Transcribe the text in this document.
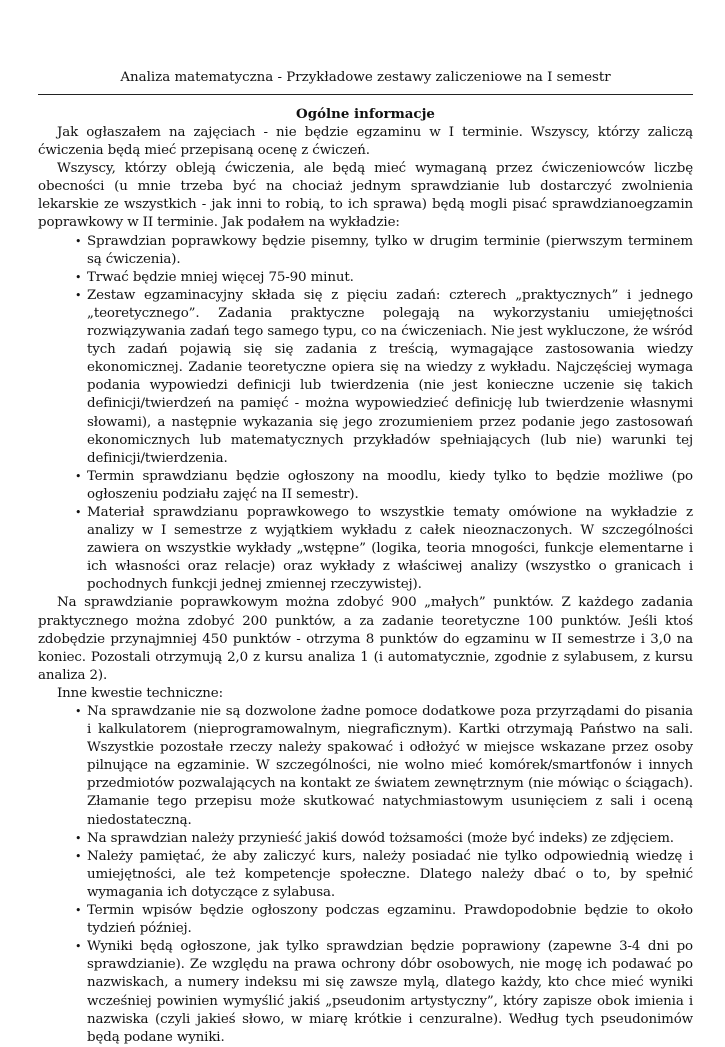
Analiza matematyczna - Przykładowe zestawy zaliczeniowe na I semestr
Ogólne informacje

Jak ogłaszałem na zajęciach - nie będzie egzaminu w I terminie. Wszyscy, którzy zaliczą ćwiczenia będą mieć przepisaną ocenę z ćwiczeń.

Wszyscy, którzy obleją ćwiczenia, ale będą mieć wymaganą przez ćwiczeniowców liczbę obecności (u mnie trzeba być na chociaż jednym sprawdzianie lub dostarczyć zwolnienia lekarskie ze wszystkich - jak inni to robią, to ich sprawa) będą mogli pisać sprawdzianoegzamin poprawkowy w II terminie. Jak podałem na wykładzie:

• Sprawdzian poprawkowy będzie pisemny, tylko w drugim terminie (pierwszym terminem są ćwiczenia).
• Trwać będzie mniej więcej 75-90 minut.
• Zestaw egzaminacyjny składa się z pięciu zadań: czterech „praktycznych” i jednego „teoretycznego”. Zadania praktyczne polegają na wykorzystaniu umiejętności rozwiązywania zadań tego samego typu, co na ćwiczeniach. Nie jest wykluczone, że wśród tych zadań pojawią się się zadania z treścią, wymagające zastosowania wiedzy ekonomicznej. Zadanie teoretyczne opiera się na wiedzy z wykładu. Najczęściej wymaga podania wypowiedzi definicji lub twierdzenia (nie jest konieczne uczenie się takich definicji/twierdzeń na pamięć - można wypowiedzieć definicję lub twierdzenie własnymi słowami), a następnie wykazania się jego zrozumieniem przez podanie jego zastosowań ekonomicznych lub matematycznych przykładów spełniających (lub nie) warunki tej definicji/twierdzenia.
• Termin sprawdzianu będzie ogłoszony na moodlu, kiedy tylko to będzie możliwe (po ogłoszeniu podziału zajęć na II semestr).
• Materiał sprawdzianu poprawkowego to wszystkie tematy omówione na wykładzie z analizy w I semestrze z wyjątkiem wykładu z całek nieoznaczonych. W szczególności zawiera on wszystkie wykłady „wstępne” (logika, teoria mnogości, funkcje elementarne i ich własności oraz relacje) oraz wykłady z właściwej analizy (wszystko o granicach i pochodnych funkcji jednej zmiennej rzeczywistej).

Na sprawdzianie poprawkowym można zdobyć 900 „małych” punktów. Z każdego zadania praktycznego można zdobyć 200 punktów, a za zadanie teoretyczne 100 punktów. Jeśli ktoś zdobędzie przynajmniej 450 punktów - otrzyma 8 punktów do egzaminu w II semestrze i 3,0 na koniec. Pozostali otrzymują 2,0 z kursu analiza 1 (i automatycznie, zgodnie z sylabusem, z kursu analiza 2).

Inne kwestie techniczne:

• Na sprawdzanie nie są dozwolone żadne pomoce dodatkowe poza przyrządami do pisania i kalkulatorem (nieprogramowalnym, niegraficznym). Kartki otrzymają Państwo na sali. Wszystkie pozostałe rzeczy należy spakować i odłożyć w miejsce wskazane przez osoby pilnujące na egzaminie. W szczególności, nie wolno mieć komórek/smartfonów i innych przedmiotów pozwalających na kontakt ze światem zewnętrznym (nie mówiąc o ściągach). Złamanie tego przepisu może skutkować natychmiastowym usunięciem z sali i oceną niedostateczną.
• Na sprawdzian należy przynieść jakiś dowód tożsamości (może być indeks) ze zdjęciem.
• Należy pamiętać, że aby zaliczyć kurs, należy posiadać nie tylko odpowiednią wiedzę i umiejętności, ale też kompetencje społeczne. Dlatego należy dbać o to, by spełnić wymagania ich dotyczące z sylabusa.
• Termin wpisów będzie ogłoszony podczas egzaminu. Prawdopodobnie będzie to około tydzień później.
• Wyniki będą ogłoszone, jak tylko sprawdzian będzie poprawiony (zapewne 3-4 dni po sprawdzianie). Ze względu na prawa ochrony dóbr osobowych, nie mogę ich podawać po nazwiskach, a numery indeksu mi się zawsze mylą, dlatego każdy, kto chce mieć wyniki wcześniej powinien wymyślić jakiś „pseudonim artystyczny”, który zapisze obok imienia i nazwiska (czyli jakieś słowo, w miarę krótkie i cenzuralne). Według tych pseudonimów będą podane wyniki.
